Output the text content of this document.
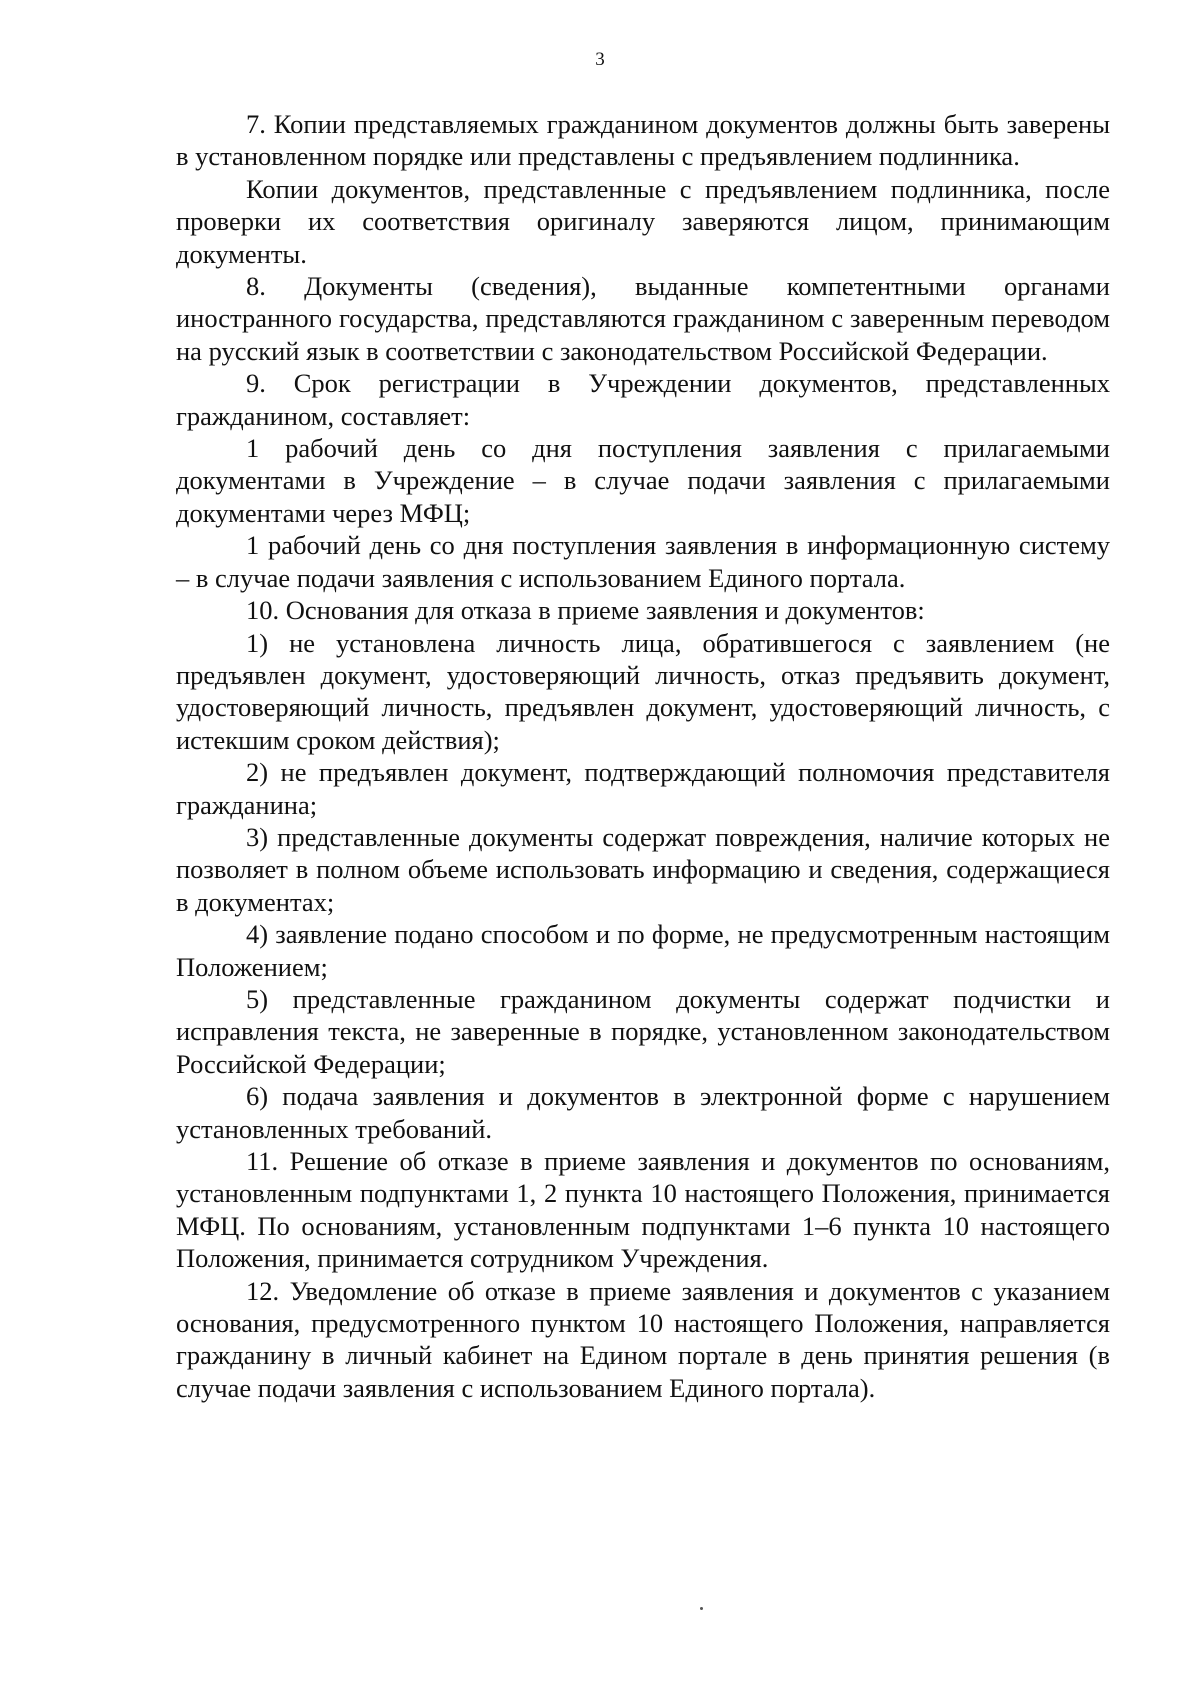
3

7. Копии представляемых гражданином документов должны быть заверены в установленном порядке или представлены с предъявлением подлинника.

Копии документов, представленные с предъявлением подлинника, после проверки их соответствия оригиналу заверяются лицом, принимающим документы.

8. Документы (сведения), выданные компетентными органами иностранного государства, представляются гражданином с заверенным переводом на русский язык в соответствии с законодательством Российской Федерации.

9. Срок регистрации в Учреждении документов, представленных гражданином, составляет:

1 рабочий день со дня поступления заявления с прилагаемыми документами в Учреждение – в случае подачи заявления с прилагаемыми документами через МФЦ;

1 рабочий день со дня поступления заявления в информационную систему – в случае подачи заявления с использованием Единого портала.

10. Основания для отказа в приеме заявления и документов:

1) не установлена личность лица, обратившегося с заявлением (не предъявлен документ, удостоверяющий личность, отказ предъявить документ, удостоверяющий личность, предъявлен документ, удостоверяющий личность, с истекшим сроком действия);

2) не предъявлен документ, подтверждающий полномочия представителя гражданина;

3) представленные документы содержат повреждения, наличие которых не позволяет в полном объеме использовать информацию и сведения, содержащиеся в документах;

4) заявление подано способом и по форме, не предусмотренным настоящим Положением;

5) представленные гражданином документы содержат подчистки и исправления текста, не заверенные в порядке, установленном законодательством Российской Федерации;

6) подача заявления и документов в электронной форме с нарушением установленных требований.

11. Решение об отказе в приеме заявления и документов по основаниям, установленным подпунктами 1, 2 пункта 10 настоящего Положения, принимается МФЦ. По основаниям, установленным подпунктами 1–6 пункта 10 настоящего Положения, принимается сотрудником Учреждения.

12. Уведомление об отказе в приеме заявления и документов с указанием основания, предусмотренного пунктом 10 настоящего Положения, направляется гражданину в личный кабинет на Едином портале в день принятия решения (в случае подачи заявления с использованием Единого портала).
